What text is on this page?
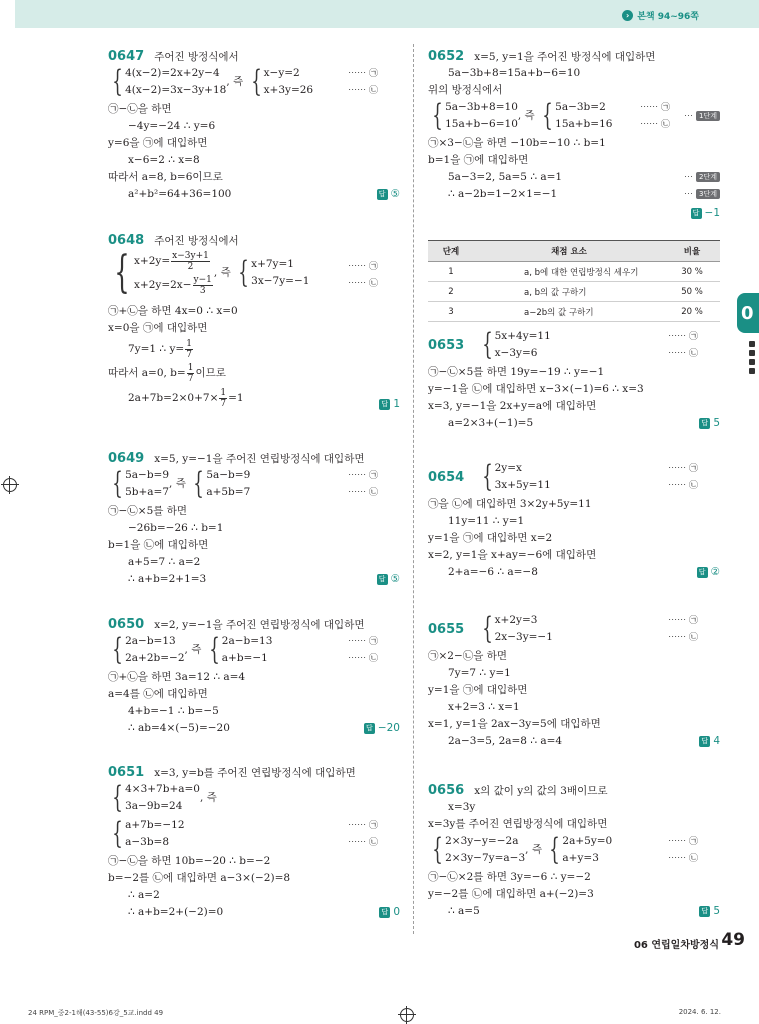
› 본책 94~96쪽
0
0647 주어진 방정식에서
{ 4(x−2)=2x+2y−4
4(x−2)=3x−3y+18
, 즉 { x−y=2
x+3y=26
⋯⋯ ㉠
⋯⋯ ㉡
㉠−㉡을 하면
−4y=−24 ∴ y=6
y=6을 ㉠에 대입하면
x−6=2 ∴ x=8
따라서 a=8, b=6이므로
a²+b²=64+36=100	답 ⑤
0648 주어진 방정식에서
{ $x+2y= \frac{x-3y+1}{2}$
$x+2y=2x- \frac{y-1}{3}$
, 즉 { x+7y=1
3x−7y=−1
⋯⋯ ㉠
⋯⋯ ㉡
㉠+㉡을 하면 4x=0 ∴ x=0
x=0을 ㉠에 대입하면
7y=1 ∴ $y= \frac{1}{7}$
따라서 a=0, $b= \frac{1}{7}$ 이므로
$2a+7b=2\times 0+7\times \frac{1}{7} =1$	답 1
0649 x=5, y=−1을 주어진 연립방정식에 대입하면
{ 5a−b=9
5b+a=7
, 즉 { 5a−b=9
a+5b=7
⋯⋯ ㉠
⋯⋯ ㉡
㉠−㉡×5를 하면
−26b=−26 ∴ b=1
b=1을 ㉡에 대입하면
a+5=7 ∴ a=2
∴ a+b=2+1=3	답 ⑤
0650 x=2, y=−1을 주어진 연립방정식에 대입하면
{ 2a−b=13
2a+2b=−2
, 즉 { 2a−b=13
a+b=−1
⋯⋯ ㉠
⋯⋯ ㉡
㉠+㉡을 하면 3a=12 ∴ a=4
a=4를 ㉡에 대입하면
4+b=−1 ∴ b=−5
∴ ab=4×(−5)=−20	답 −20
0651 x=3, y=b를 주어진 연립방정식에 대입하면
{ 4×3+7b+a=0
3a−9b=24
, 즉
{ a+7b=−12
a−3b=8
⋯⋯ ㉠
⋯⋯ ㉡
㉠−㉡을 하면 10b=−20 ∴ b=−2
b=−2를 ㉡에 대입하면 a−3×(−2)=8
∴ a=2
∴ a+b=2+(−2)=0	답 0
0652 x=5, y=1을 주어진 방정식에 대입하면
5a−3b+8=15a+b−6=10
위의 방정식에서
{ 5a−3b+8=10
15a+b−6=10
, 즉 { 5a−3b=2
15a+b=16
⋯⋯ ㉠
⋯⋯ ㉡
⋯ 1단계
㉠×3−㉡을 하면 −10b=−10 ∴ b=1
b=1을 ㉠에 대입하면
5a−3=2, 5a=5 ∴ a=1	⋯ 2단계
∴ a−2b=1−2×1=−1	⋯ 3단계
답 −1
단계	채점 요소	비율
1	a, b에 대한 연립방정식 세우기	30 %
2	a, b의 값 구하기	50 %
3	a−2b의 값 구하기	20 %
0653 { 5x+4y=11
x−3y=6
⋯⋯ ㉠
⋯⋯ ㉡
㉠−㉡×5를 하면 19y=−19 ∴ y=−1
y=−1을 ㉡에 대입하면 x−3×(−1)=6 ∴ x=3
x=3, y=−1을 2x+y=a에 대입하면
a=2×3+(−1)=5	답 5
0654 { 2y=x
3x+5y=11
⋯⋯ ㉠
⋯⋯ ㉡
㉠을 ㉡에 대입하면 3×2y+5y=11
11y=11 ∴ y=1
y=1을 ㉠에 대입하면 x=2
x=2, y=1을 x+ay=−6에 대입하면
2+a=−6 ∴ a=−8	답 ②
0655 { x+2y=3
2x−3y=−1
⋯⋯ ㉠
⋯⋯ ㉡
㉠×2−㉡을 하면
7y=7 ∴ y=1
y=1을 ㉠에 대입하면
x+2=3 ∴ x=1
x=1, y=1을 2ax−3y=5에 대입하면
2a−3=5, 2a=8 ∴ a=4	답 4
0656 x의 값이 y의 값의 3배이므로
x=3y
x=3y를 주어진 연립방정식에 대입하면
{ 2×3y−y=−2a
2×3y−7y=a−3
, 즉 { 2a+5y=0
a+y=3
⋯⋯ ㉠
⋯⋯ ㉡
㉠−㉡×2를 하면 3y=−6 ∴ y=−2
y=−2를 ㉡에 대입하면 a+(−2)=3
∴ a=5	답 5
06 연립일차방정식 49
24 RPM_중2-1해(43-55)6강_5교.indd 49	2024. 6. 12.
